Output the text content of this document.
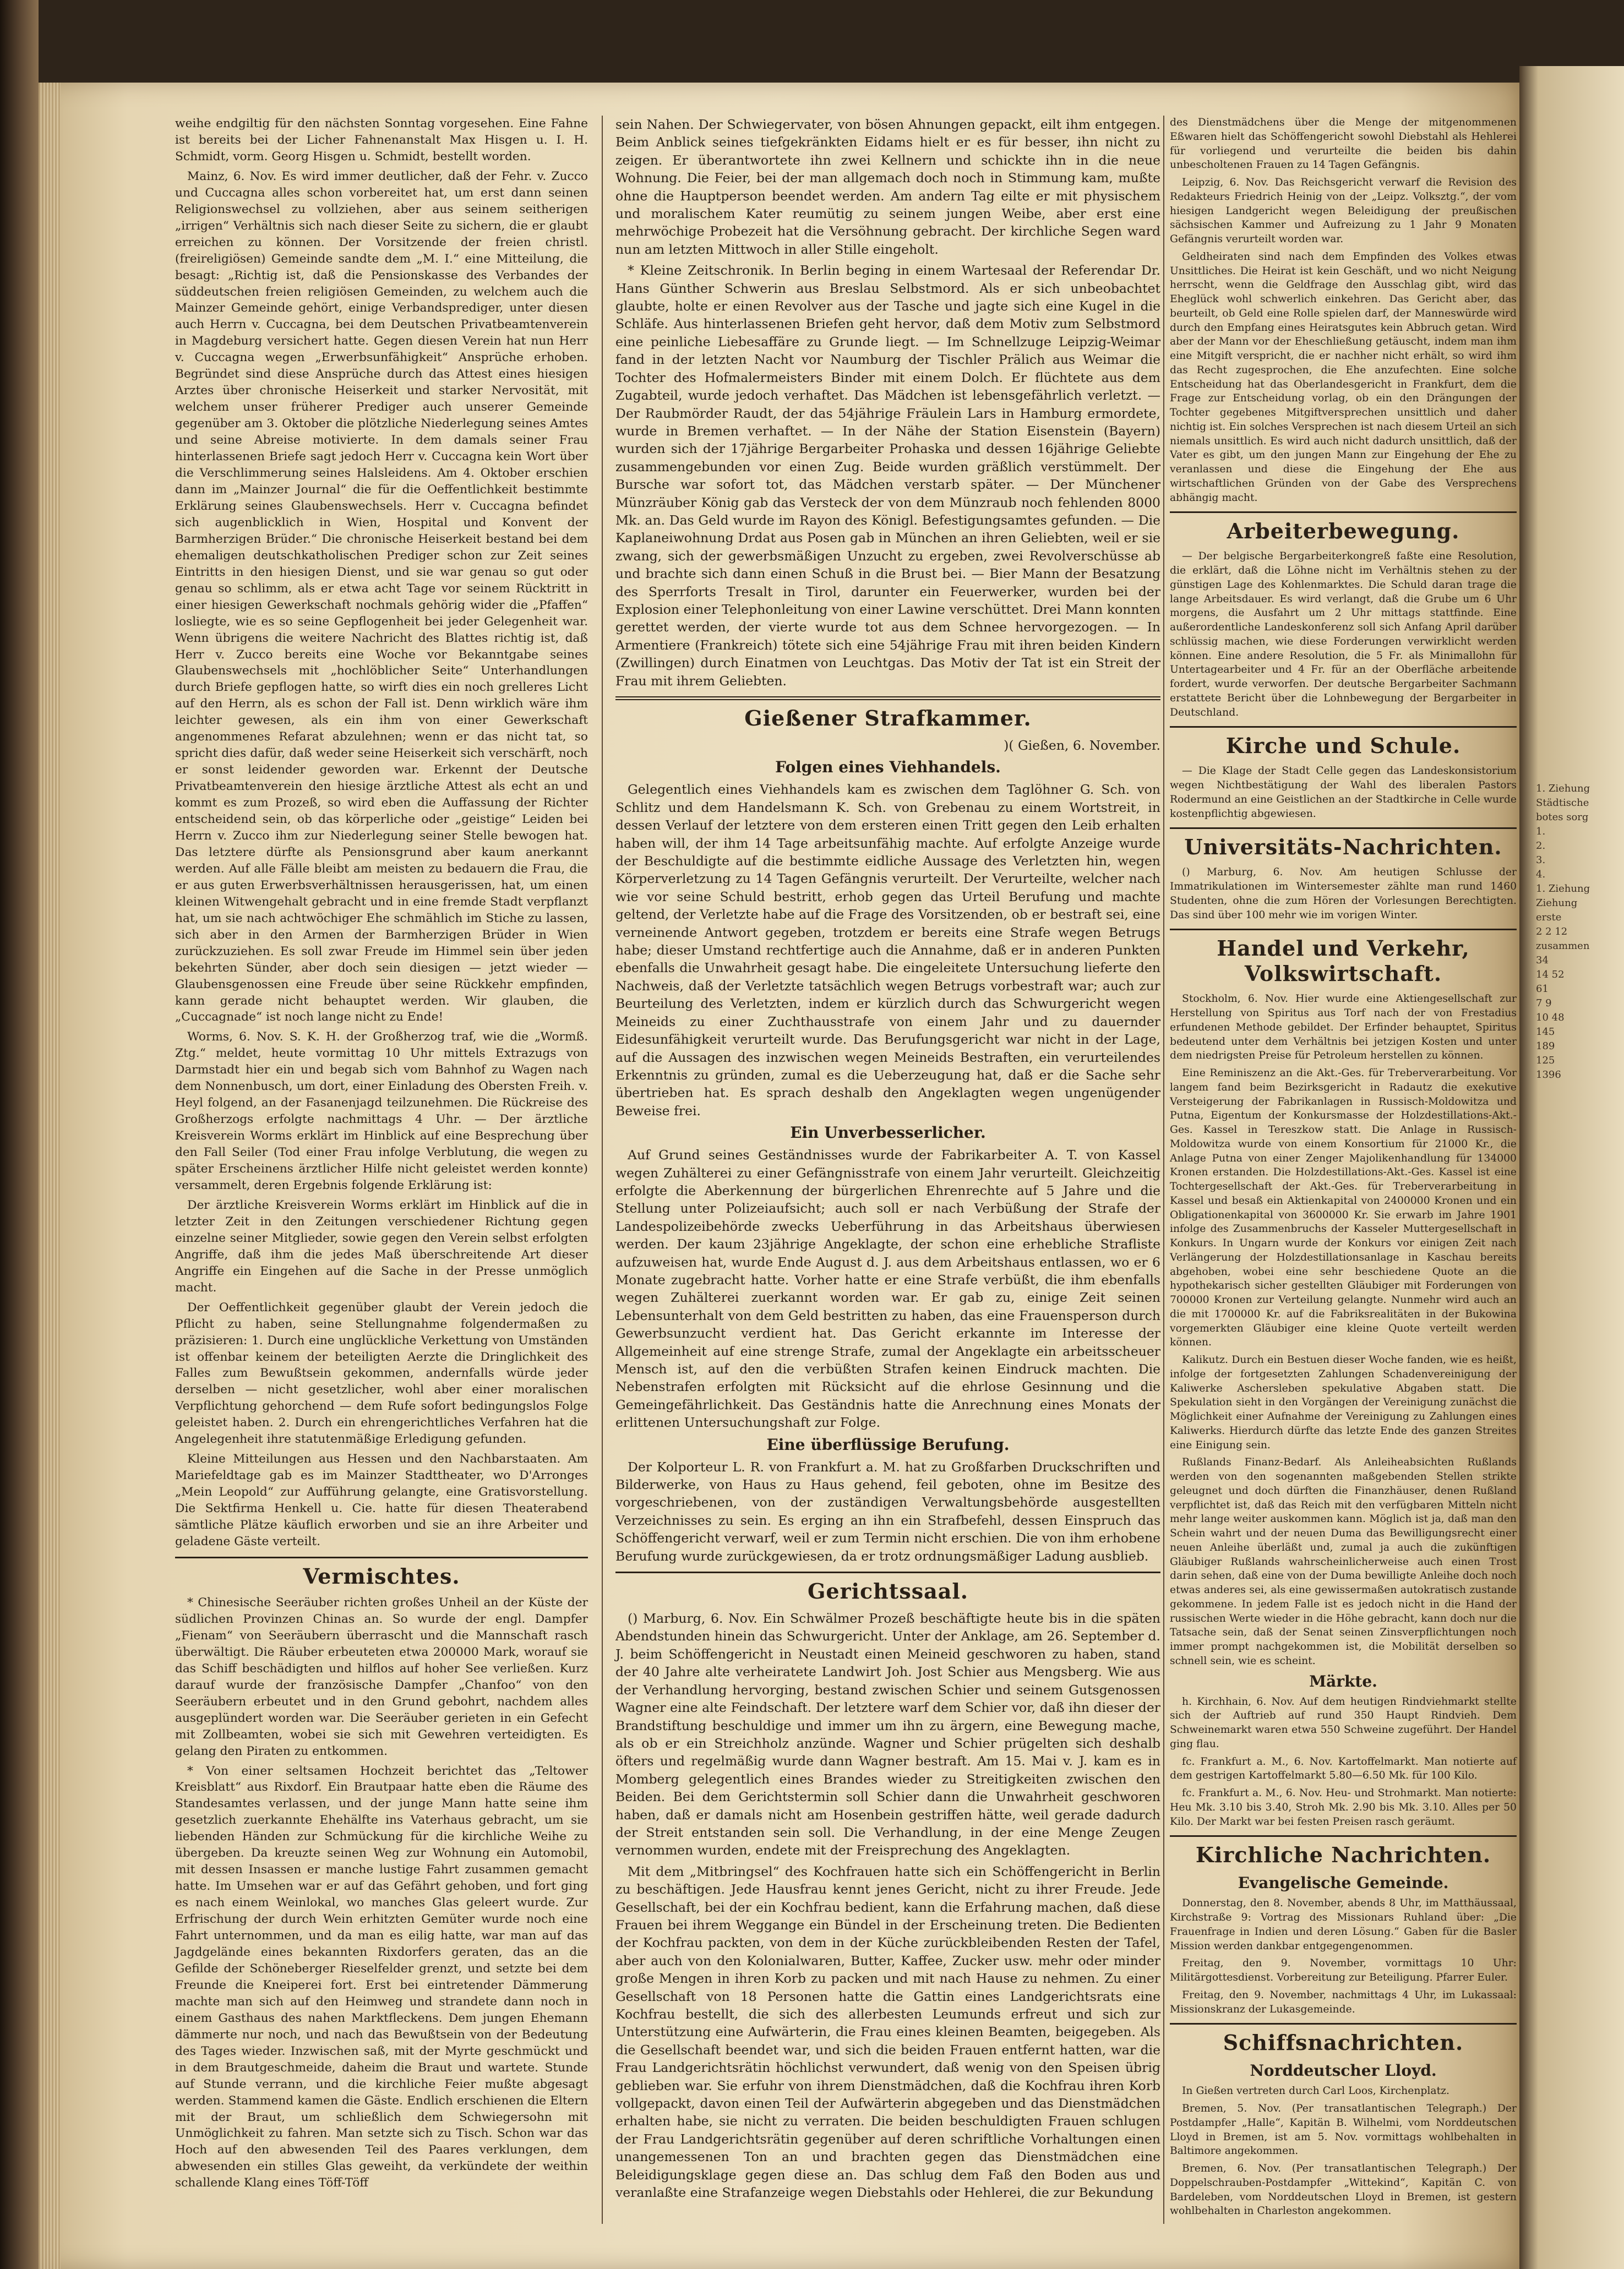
1. Ziehung
Städtische
botes sorg
1.
2.
3.
4.
1. Ziehung
Ziehung
erste
2 2 12
zusammen
34
14 52
61
7 9
10 48
145
189
125
1396

weihe endgiltig für den nächsten Sonntag vorgesehen. Eine Fahne ist bereits bei der Licher Fahnenanstalt Max Hisgen u. I. H. Schmidt, vorm. Georg Hisgen u. Schmidt, bestellt worden.

Mainz, 6. Nov. Es wird immer deutlicher, daß der Fehr. v. Zucco und Cuccagna alles schon vorbereitet hat, um erst dann seinen Religionswechsel zu vollziehen, aber aus seinem seitherigen „irrigen“ Verhältnis sich nach dieser Seite zu sichern, die er glaubt erreichen zu können. Der Vorsitzende der freien christl. (freireligiösen) Gemeinde sandte dem „M. I.“ eine Mitteilung, die besagt: „Richtig ist, daß die Pensionskasse des Verbandes der süddeutschen freien religiösen Gemeinden, zu welchem auch die Mainzer Gemeinde gehört, einige Verbandsprediger, unter diesen auch Herrn v. Cuccagna, bei dem Deutschen Privatbeamtenverein in Magdeburg versichert hatte. Gegen diesen Verein hat nun Herr v. Cuccagna wegen „Erwerbsunfähigkeit“ Ansprüche erhoben. Begründet sind diese Ansprüche durch das Attest eines hiesigen Arztes über chronische Heiserkeit und starker Nervosität, mit welchem unser früherer Prediger auch unserer Gemeinde gegenüber am 3. Oktober die plötzliche Niederlegung seines Amtes und seine Abreise motivierte. In dem damals seiner Frau hinterlassenen Briefe sagt jedoch Herr v. Cuccagna kein Wort über die Verschlimmerung seines Halsleidens. Am 4. Oktober erschien dann im „Mainzer Journal“ die für die Oeffentlichkeit bestimmte Erklärung seines Glaubenswechsels. Herr v. Cuccagna befindet sich augenblicklich in Wien, Hospital und Konvent der Barmherzigen Brüder.“ Die chronische Heiserkeit bestand bei dem ehemaligen deutschkatholischen Prediger schon zur Zeit seines Eintritts in den hiesigen Dienst, und sie war genau so gut oder genau so schlimm, als er etwa acht Tage vor seinem Rücktritt in einer hiesigen Gewerkschaft nochmals gehörig wider die „Pfaffen“ losliegte, wie es so seine Gepflogenheit bei jeder Gelegenheit war. Wenn übrigens die weitere Nachricht des Blattes richtig ist, daß Herr v. Zucco bereits eine Woche vor Bekanntgabe seines Glaubenswechsels mit „hochlöblicher Seite“ Unterhandlungen durch Briefe gepflogen hatte, so wirft dies ein noch grelleres Licht auf den Herrn, als es schon der Fall ist. Denn wirklich wäre ihm leichter gewesen, als ein ihm von einer Gewerkschaft angenommenes Refarat abzulehnen; wenn er das nicht tat, so spricht dies dafür, daß weder seine Heiserkeit sich verschärft, noch er sonst leidender geworden war. Erkennt der Deutsche Privatbeamtenverein den hiesige ärztliche Attest als echt an und kommt es zum Prozeß, so wird eben die Auffassung der Richter entscheidend sein, ob das körperliche oder „geistige“ Leiden bei Herrn v. Zucco ihm zur Niederlegung seiner Stelle bewogen hat. Das letztere dürfte als Pensionsgrund aber kaum anerkannt werden. Auf alle Fälle bleibt am meisten zu bedauern die Frau, die er aus guten Erwerbsverhältnissen herausgerissen, hat, um einen kleinen Witwengehalt gebracht und in eine fremde Stadt verpflanzt hat, um sie nach achtwöchiger Ehe schmählich im Stiche zu lassen, sich aber in den Armen der Barmherzigen Brüder in Wien zurückzuziehen. Es soll zwar Freude im Himmel sein über jeden bekehrten Sünder, aber doch sein diesigen — jetzt wieder — Glaubensgenossen eine Freude über seine Rückkehr empfinden, kann gerade nicht behauptet werden. Wir glauben, die „Cuccagnade“ ist noch lange nicht zu Ende!

Worms, 6. Nov. S. K. H. der Großherzog traf, wie die „Wormß. Ztg.“ meldet, heute vormittag 10 Uhr mittels Extrazugs von Darmstadt hier ein und begab sich vom Bahnhof zu Wagen nach dem Nonnenbusch, um dort, einer Einladung des Obersten Freih. v. Heyl folgend, an der Fasanenjagd teilzunehmen. Die Rückreise des Großherzogs erfolgte nachmittags 4 Uhr. — Der ärztliche Kreisverein Worms erklärt im Hinblick auf eine Besprechung über den Fall Seiler (Tod einer Frau infolge Verblutung, die wegen zu später Erscheinens ärztlicher Hilfe nicht geleistet werden konnte) versammelt, deren Ergebnis folgende Erklärung ist:

Der ärztliche Kreisverein Worms erklärt im Hinblick auf die in letzter Zeit in den Zeitungen verschiedener Richtung gegen einzelne seiner Mitglieder, sowie gegen den Verein selbst erfolgten Angriffe, daß ihm die jedes Maß überschreitende Art dieser Angriffe ein Eingehen auf die Sache in der Presse unmöglich macht.

Der Oeffentlichkeit gegenüber glaubt der Verein jedoch die Pflicht zu haben, seine Stellungnahme folgendermaßen zu präzisieren: 1. Durch eine unglückliche Verkettung von Umständen ist offenbar keinem der beteiligten Aerzte die Dringlichkeit des Falles zum Bewußtsein gekommen, andernfalls würde jeder derselben — nicht gesetzlicher, wohl aber einer moralischen Verpflichtung gehorchend — dem Rufe sofort bedingungslos Folge geleistet haben. 2. Durch ein ehrengerichtliches Verfahren hat die Angelegenheit ihre statutenmäßige Erledigung gefunden.

Kleine Mitteilungen aus Hessen und den Nachbarstaaten. Am Mariefeldtage gab es im Mainzer Stadttheater, wo D'Arronges „Mein Leopold“ zur Aufführung gelangte, eine Gratisvorstellung. Die Sektfirma Henkell u. Cie. hatte für diesen Theaterabend sämtliche Plätze käuflich erworben und sie an ihre Arbeiter und geladene Gäste verteilt.

Vermischtes.

* Chinesische Seeräuber richten großes Unheil an der Küste der südlichen Provinzen Chinas an. So wurde der engl. Dampfer „Fienam“ von Seeräubern überrascht und die Mannschaft rasch überwältigt. Die Räuber erbeuteten etwa 200000 Mark, worauf sie das Schiff beschädigten und hilflos auf hoher See verließen. Kurz darauf wurde der französische Dampfer „Chanfoo“ von den Seeräubern erbeutet und in den Grund gebohrt, nachdem alles ausgeplündert worden war. Die Seeräuber gerieten in ein Gefecht mit Zollbeamten, wobei sie sich mit Gewehren verteidigten. Es gelang den Piraten zu entkommen.

* Von einer seltsamen Hochzeit berichtet das „Teltower Kreisblatt“ aus Rixdorf. Ein Brautpaar hatte eben die Räume des Standesamtes verlassen, und der junge Mann hatte seine ihm gesetzlich zuerkannte Ehehälfte ins Vaterhaus gebracht, um sie liebenden Händen zur Schmückung für die kirchliche Weihe zu übergeben. Da kreuzte seinen Weg zur Wohnung ein Automobil, mit dessen Insassen er manche lustige Fahrt zusammen gemacht hatte. Im Umsehen war er auf das Gefährt gehoben, und fort ging es nach einem Weinlokal, wo manches Glas geleert wurde. Zur Erfrischung der durch Wein erhitzten Gemüter wurde noch eine Fahrt unternommen, und da man es eilig hatte, war man auf das Jagdgelände eines bekannten Rixdorfers geraten, das an die Gefilde der Schöneberger Rieselfelder grenzt, und setzte bei dem Freunde die Kneiperei fort. Erst bei eintretender Dämmerung machte man sich auf den Heimweg und strandete dann noch in einem Gasthaus des nahen Marktfleckens. Dem jungen Ehemann dämmerte nur noch, und nach das Bewußtsein von der Bedeutung des Tages wieder. Inzwischen saß, mit der Myrte geschmückt und in dem Brautgeschmeide, daheim die Braut und wartete. Stunde auf Stunde verrann, und die kirchliche Feier mußte abgesagt werden. Stammend kamen die Gäste. Endlich erschienen die Eltern mit der Braut, um schließlich dem Schwiegersohn mit Unmöglichkeit zu fahren. Man setzte sich zu Tisch. Schon war das Hoch auf den abwesenden Teil des Paares verklungen, dem abwesenden ein stilles Glas geweiht, da verkündete der weithin schallende Klang eines Töff-Töff

sein Nahen. Der Schwiegervater, von bösen Ahnungen gepackt, eilt ihm entgegen. Beim Anblick seines tiefgekränkten Eidams hielt er es für besser, ihn nicht zu zeigen. Er überantwortete ihn zwei Kellnern und schickte ihn in die neue Wohnung. Die Feier, bei der man allgemach doch noch in Stimmung kam, mußte ohne die Hauptperson beendet werden. Am andern Tag eilte er mit physischem und moralischem Kater reumütig zu seinem jungen Weibe, aber erst eine mehrwöchige Probezeit hat die Versöhnung gebracht. Der kirchliche Segen ward nun am letzten Mittwoch in aller Stille eingeholt.

* Kleine Zeitschronik. In Berlin beging in einem Wartesaal der Referendar Dr. Hans Günther Schwerin aus Breslau Selbstmord. Als er sich unbeobachtet glaubte, holte er einen Revolver aus der Tasche und jagte sich eine Kugel in die Schläfe. Aus hinterlassenen Briefen geht hervor, daß dem Motiv zum Selbstmord eine peinliche Liebesaffäre zu Grunde liegt. — Im Schnellzuge Leipzig-Weimar fand in der letzten Nacht vor Naumburg der Tischler Prälich aus Weimar die Tochter des Hofmalermeisters Binder mit einem Dolch. Er flüchtete aus dem Zugabteil, wurde jedoch verhaftet. Das Mädchen ist lebensgefährlich verletzt. — Der Raubmörder Raudt, der das 54jährige Fräulein Lars in Hamburg ermordete, wurde in Bremen verhaftet. — In der Nähe der Station Eisenstein (Bayern) wurden sich der 17jährige Bergarbeiter Prohaska und dessen 16jährige Geliebte zusammengebunden vor einen Zug. Beide wurden gräßlich verstümmelt. Der Bursche war sofort tot, das Mädchen verstarb später. — Der Münchener Münzräuber König gab das Versteck der von dem Münzraub noch fehlenden 8000 Mk. an. Das Geld wurde im Rayon des Königl. Befestigungsamtes gefunden. — Die Kaplaneiwohnung Drdat aus Posen gab in München an ihren Geliebten, weil er sie zwang, sich der gewerbsmäßigen Unzucht zu ergeben, zwei Revolverschüsse ab und brachte sich dann einen Schuß in die Brust bei. — Bier Mann der Besatzung des Sperrforts Tresalt in Tirol, darunter ein Feuerwerker, wurden bei der Explosion einer Telephonleitung von einer Lawine verschüttet. Drei Mann konnten gerettet werden, der vierte wurde tot aus dem Schnee hervorgezogen. — In Armentiere (Frankreich) tötete sich eine 54jährige Frau mit ihren beiden Kindern (Zwillingen) durch Einatmen von Leuchtgas. Das Motiv der Tat ist ein Streit der Frau mit ihrem Geliebten.

Gießener Strafkammer.

)( Gießen, 6. November.

Folgen eines Viehhandels.

Gelegentlich eines Viehhandels kam es zwischen dem Taglöhner G. Sch. von Schlitz und dem Handelsmann K. Sch. von Grebenau zu einem Wortstreit, in dessen Verlauf der letztere von dem ersteren einen Tritt gegen den Leib erhalten haben will, der ihm 14 Tage arbeitsunfähig machte. Auf erfolgte Anzeige wurde der Beschuldigte auf die bestimmte eidliche Aussage des Verletzten hin, wegen Körperverletzung zu 14 Tagen Gefängnis verurteilt. Der Verurteilte, welcher nach wie vor seine Schuld bestritt, erhob gegen das Urteil Berufung und machte geltend, der Verletzte habe auf die Frage des Vorsitzenden, ob er bestraft sei, eine verneinende Antwort gegeben, trotzdem er bereits eine Strafe wegen Betrugs habe; dieser Umstand rechtfertige auch die Annahme, daß er in anderen Punkten ebenfalls die Unwahrheit gesagt habe. Die eingeleitete Untersuchung lieferte den Nachweis, daß der Verletzte tatsächlich wegen Betrugs vorbestraft war; auch zur Beurteilung des Verletzten, indem er kürzlich durch das Schwurgericht wegen Meineids zu einer Zuchthausstrafe von einem Jahr und zu dauernder Eidesunfähigkeit verurteilt wurde. Das Berufungsgericht war nicht in der Lage, auf die Aussagen des inzwischen wegen Meineids Bestraften, ein verurteilendes Erkenntnis zu gründen, zumal es die Ueberzeugung hat, daß er die Sache sehr übertrieben hat. Es sprach deshalb den Angeklagten wegen ungenügender Beweise frei.

Ein Unverbesserlicher.

Auf Grund seines Geständnisses wurde der Fabrikarbeiter A. T. von Kassel wegen Zuhälterei zu einer Gefängnisstrafe von einem Jahr verurteilt. Gleichzeitig erfolgte die Aberkennung der bürgerlichen Ehrenrechte auf 5 Jahre und die Stellung unter Polizeiaufsicht; auch soll er nach Verbüßung der Strafe der Landespolizeibehörde zwecks Ueberführung in das Arbeitshaus überwiesen werden. Der kaum 23jährige Angeklagte, der schon eine erhebliche Strafliste aufzuweisen hat, wurde Ende August d. J. aus dem Arbeitshaus entlassen, wo er 6 Monate zugebracht hatte. Vorher hatte er eine Strafe verbüßt, die ihm ebenfalls wegen Zuhälterei zuerkannt worden war. Er gab zu, einige Zeit seinen Lebensunterhalt von dem Geld bestritten zu haben, das eine Frauensperson durch Gewerbsunzucht verdient hat. Das Gericht erkannte im Interesse der Allgemeinheit auf eine strenge Strafe, zumal der Angeklagte ein arbeitsscheuer Mensch ist, auf den die verbüßten Strafen keinen Eindruck machten. Die Nebenstrafen erfolgten mit Rücksicht auf die ehrlose Gesinnung und die Gemeingefährlichkeit. Das Geständnis hatte die Anrechnung eines Monats der erlittenen Untersuchungshaft zur Folge.

Eine überflüssige Berufung.

Der Kolporteur L. R. von Frankfurt a. M. hat zu Großfarben Druckschriften und Bilderwerke, von Haus zu Haus gehend, feil geboten, ohne im Besitze des vorgeschriebenen, von der zuständigen Verwaltungsbehörde ausgestellten Verzeichnisses zu sein. Es erging an ihn ein Strafbefehl, dessen Einspruch das Schöffengericht verwarf, weil er zum Termin nicht erschien. Die von ihm erhobene Berufung wurde zurückgewiesen, da er trotz ordnungsmäßiger Ladung ausblieb.

Gerichtssaal.

() Marburg, 6. Nov. Ein Schwälmer Prozeß beschäftigte heute bis in die späten Abendstunden hinein das Schwurgericht. Unter der Anklage, am 26. September d. J. beim Schöffengericht in Neustadt einen Meineid geschworen zu haben, stand der 40 Jahre alte verheiratete Landwirt Joh. Jost Schier aus Mengsberg. Wie aus der Verhandlung hervorging, bestand zwischen Schier und seinem Gutsgenossen Wagner eine alte Feindschaft. Der letztere warf dem Schier vor, daß ihn dieser der Brandstiftung beschuldige und immer um ihn zu ärgern, eine Bewegung mache, als ob er ein Streichholz anzünde. Wagner und Schier prügelten sich deshalb öfters und regelmäßig wurde dann Wagner bestraft. Am 15. Mai v. J. kam es in Momberg gelegentlich eines Brandes wieder zu Streitigkeiten zwischen den Beiden. Bei dem Gerichtstermin soll Schier dann die Unwahrheit geschworen haben, daß er damals nicht am Hosenbein gestriffen hätte, weil gerade dadurch der Streit entstanden sein soll. Die Verhandlung, in der eine Menge Zeugen vernommen wurden, endete mit der Freisprechung des Angeklagten.

Mit dem „Mitbringsel“ des Kochfrauen hatte sich ein Schöffengericht in Berlin zu beschäftigen. Jede Hausfrau kennt jenes Gericht, nicht zu ihrer Freude. Jede Gesellschaft, bei der ein Kochfrau bedient, kann die Erfahrung machen, daß diese Frauen bei ihrem Weggange ein Bündel in der Erscheinung treten. Die Bedienten der Kochfrau packten, von dem in der Küche zurückbleibenden Resten der Tafel, aber auch von den Kolonialwaren, Butter, Kaffee, Zucker usw. mehr oder minder große Mengen in ihren Korb zu packen und mit nach Hause zu nehmen. Zu einer Gesellschaft von 18 Personen hatte die Gattin eines Landgerichtsrats eine Kochfrau bestellt, die sich des allerbesten Leumunds erfreut und sich zur Unterstützung eine Aufwärterin, die Frau eines kleinen Beamten, beigegeben. Als die Gesellschaft beendet war, und sich die beiden Frauen entfernt hatten, war die Frau Landgerichtsrätin höchlichst verwundert, daß wenig von den Speisen übrig geblieben war. Sie erfuhr von ihrem Dienstmädchen, daß die Kochfrau ihren Korb vollgepackt, davon einen Teil der Aufwärterin abgegeben und das Dienstmädchen erhalten habe, sie nicht zu verraten. Die beiden beschuldigten Frauen schlugen der Frau Landgerichtsrätin gegenüber auf deren schriftliche Vorhaltungen einen unangemessenen Ton an und brachten gegen das Dienstmädchen eine Beleidigungsklage gegen diese an. Das schlug dem Faß den Boden aus und veranlaßte eine Strafanzeige wegen Diebstahls oder Hehlerei, die zur Bekundung

des Dienstmädchens über die Menge der mitgenommenen Eßwaren hielt das Schöffengericht sowohl Diebstahl als Hehlerei für vorliegend und verurteilte die beiden bis dahin unbescholtenen Frauen zu 14 Tagen Gefängnis.

Leipzig, 6. Nov. Das Reichsgericht verwarf die Revision des Redakteurs Friedrich Heinig von der „Leipz. Volksztg.“, der vom hiesigen Landgericht wegen Beleidigung der preußischen sächsischen Kammer und Aufreizung zu 1 Jahr 9 Monaten Gefängnis verurteilt worden war.

Geldheiraten sind nach dem Empfinden des Volkes etwas Unsittliches. Die Heirat ist kein Geschäft, und wo nicht Neigung herrscht, wenn die Geldfrage den Ausschlag gibt, wird das Eheglück wohl schwerlich einkehren. Das Gericht aber, das beurteilt, ob Geld eine Rolle spielen darf, der Manneswürde wird durch den Empfang eines Heiratsgutes kein Abbruch getan. Wird aber der Mann vor der Eheschließung getäuscht, indem man ihm eine Mitgift verspricht, die er nachher nicht erhält, so wird ihm das Recht zugesprochen, die Ehe anzufechten. Eine solche Entscheidung hat das Oberlandesgericht in Frankfurt, dem die Frage zur Entscheidung vorlag, ob ein den Drängungen der Tochter gegebenes Mitgiftversprechen unsittlich und daher nichtig ist. Ein solches Versprechen ist nach diesem Urteil an sich niemals unsittlich. Es wird auch nicht dadurch unsittlich, daß der Vater es gibt, um den jungen Mann zur Eingehung der Ehe zu veranlassen und diese die Eingehung der Ehe aus wirtschaftlichen Gründen von der Gabe des Versprechens abhängig macht.

Arbeiterbewegung.

— Der belgische Bergarbeiterkongreß faßte eine Resolution, die erklärt, daß die Löhne nicht im Verhältnis stehen zu der günstigen Lage des Kohlenmarktes. Die Schuld daran trage die lange Arbeitsdauer. Es wird verlangt, daß die Grube um 6 Uhr morgens, die Ausfahrt um 2 Uhr mittags stattfinde. Eine außerordentliche Landeskonferenz soll sich Anfang April darüber schlüssig machen, wie diese Forderungen verwirklicht werden können. Eine andere Resolution, die 5 Fr. als Minimallohn für Untertagearbeiter und 4 Fr. für an der Oberfläche arbeitende fordert, wurde verworfen. Der deutsche Bergarbeiter Sachmann erstattete Bericht über die Lohnbewegung der Bergarbeiter in Deutschland.

Kirche und Schule.

— Die Klage der Stadt Celle gegen das Landeskonsistorium wegen Nichtbestätigung der Wahl des liberalen Pastors Rodermund an eine Geistlichen an der Stadtkirche in Celle wurde kostenpflichtig abgewiesen.

Universitäts-Nachrichten.

() Marburg, 6. Nov. Am heutigen Schlusse der Immatrikulationen im Wintersemester zählte man rund 1460 Studenten, ohne die zum Hören der Vorlesungen Berechtigten. Das sind über 100 mehr wie im vorigen Winter.

Handel und Verkehr, Volkswirtschaft.

Stockholm, 6. Nov. Hier wurde eine Aktiengesellschaft zur Herstellung von Spiritus aus Torf nach der von Frestadius erfundenen Methode gebildet. Der Erfinder behauptet, Spiritus bedeutend unter dem Verhältnis bei jetzigen Kosten und unter dem niedrigsten Preise für Petroleum herstellen zu können.

Eine Reminiszenz an die Akt.-Ges. für Treberverarbeitung. Vor langem fand beim Bezirksgericht in Radautz die exekutive Versteigerung der Fabrikanlagen in Russisch-Moldowitza und Putna, Eigentum der Konkursmasse der Holzdestillations-Akt.-Ges. Kassel in Tereszkow statt. Die Anlage in Russisch-Moldowitza wurde von einem Konsortium für 21000 Kr., die Anlage Putna von einer Zenger Majolikenhandlung für 134000 Kronen erstanden. Die Holzdestillations-Akt.-Ges. Kassel ist eine Tochtergesellschaft der Akt.-Ges. für Treberverarbeitung in Kassel und besaß ein Aktienkapital von 2400000 Kronen und ein Obligationenkapital von 3600000 Kr. Sie erwarb im Jahre 1901 infolge des Zusammenbruchs der Kasseler Muttergesellschaft in Konkurs. In Ungarn wurde der Konkurs vor einigen Zeit nach Verlängerung der Holzdestillationsanlage in Kaschau bereits abgehoben, wobei eine sehr beschiedene Quote an die hypothekarisch sicher gestellten Gläubiger mit Forderungen von 700000 Kronen zur Verteilung gelangte. Nunmehr wird auch an die mit 1700000 Kr. auf die Fabriksrealitäten in der Bukowina vorgemerkten Gläubiger eine kleine Quote verteilt werden können.

Kalikutz. Durch ein Bestuen dieser Woche fanden, wie es heißt, infolge der fortgesetzten Zahlungen Schadenvereinigung der Kaliwerke Aschersleben spekulative Abgaben statt. Die Spekulation sieht in den Vorgängen der Vereinigung zunächst die Möglichkeit einer Aufnahme der Vereinigung zu Zahlungen eines Kaliwerks. Hierdurch dürfte das letzte Ende des ganzen Streites eine Einigung sein.

Rußlands Finanz-Bedarf. Als Anleiheabsichten Rußlands werden von den sogenannten maßgebenden Stellen strikte geleugnet und doch dürften die Finanzhäuser, denen Rußland verpflichtet ist, daß das Reich mit den verfügbaren Mitteln nicht mehr lange weiter auskommen kann. Möglich ist ja, daß man den Schein wahrt und der neuen Duma das Bewilligungsrecht einer neuen Anleihe überläßt und, zumal ja auch die zukünftigen Gläubiger Rußlands wahrscheinlicherweise auch einen Trost darin sehen, daß eine von der Duma bewilligte Anleihe doch noch etwas anderes sei, als eine gewissermaßen autokratisch zustande gekommene. In jedem Falle ist es jedoch nicht in die Hand der russischen Werte wieder in die Höhe gebracht, kann doch nur die Tatsache sein, daß der Senat seinen Zinsverpflichtungen noch immer prompt nachgekommen ist, die Mobilität derselben so schnell sein, wie es scheint.

Märkte.

h. Kirchhain, 6. Nov. Auf dem heutigen Rindviehmarkt stellte sich der Auftrieb auf rund 350 Haupt Rindvieh. Dem Schweinemarkt waren etwa 550 Schweine zugeführt. Der Handel ging flau.

fc. Frankfurt a. M., 6. Nov. Kartoffelmarkt. Man notierte auf dem gestrigen Kartoffelmarkt 5.80—6.50 Mk. für 100 Kilo.

fc. Frankfurt a. M., 6. Nov. Heu- und Strohmarkt. Man notierte: Heu Mk. 3.10 bis 3.40, Stroh Mk. 2.90 bis Mk. 3.10. Alles per 50 Kilo. Der Markt war bei festen Preisen rasch geräumt.

Kirchliche Nachrichten.
Evangelische Gemeinde.

Donnerstag, den 8. November, abends 8 Uhr, im Matthäussaal, Kirchstraße 9: Vortrag des Missionars Ruhland über: „Die Frauenfrage in Indien und deren Lösung.“ Gaben für die Basler Mission werden dankbar entgegengenommen.

Freitag, den 9. November, vormittags 10 Uhr: Militärgottesdienst. Vorbereitung zur Beteiligung. Pfarrer Euler.

Freitag, den 9. November, nachmittags 4 Uhr, im Lukassaal: Missionskranz der Lukasgemeinde.

Schiffsnachrichten.
Norddeutscher Lloyd.

In Gießen vertreten durch Carl Loos, Kirchenplatz.

Bremen, 5. Nov. (Per transatlantischen Telegraph.) Der Postdampfer „Halle“, Kapitän B. Wilhelmi, vom Norddeutschen Lloyd in Bremen, ist am 5. Nov. vormittags wohlbehalten in Baltimore angekommen.

Bremen, 6. Nov. (Per transatlantischen Telegraph.) Der Doppelschrauben-Postdampfer „Wittekind“, Kapitän C. von Bardeleben, vom Norddeutschen Lloyd in Bremen, ist gestern wohlbehalten in Charleston angekommen.
